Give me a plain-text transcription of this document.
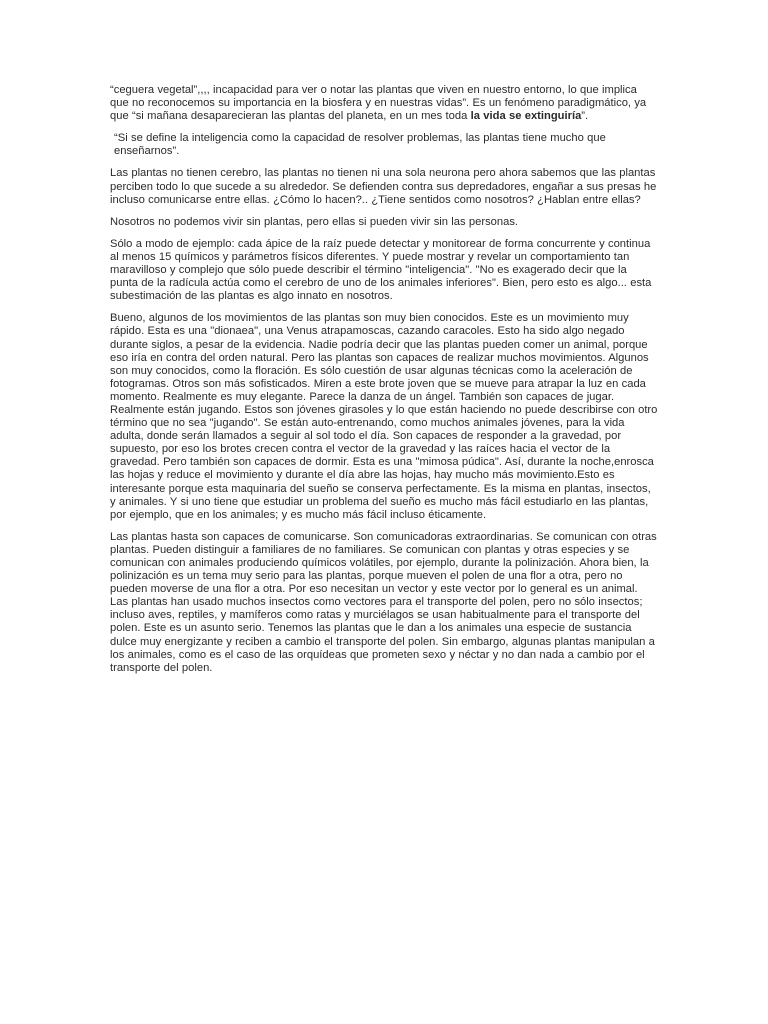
“ceguera vegetal”,,,, incapacidad para ver o notar las plantas que viven en nuestro entorno, lo que implica que no reconocemos su importancia en la biosfera y en nuestras vidas”. Es un fenómeno paradigmático, ya que “si mañana desaparecieran las plantas del planeta, en un mes toda la vida se extinguiría”.

“Si se define la inteligencia como la capacidad de resolver problemas, las plantas tiene mucho que enseñarnos”.

Las plantas no tienen cerebro, las plantas no tienen ni una sola neurona pero ahora sabemos que las plantas perciben todo lo que sucede a su alrededor. Se defienden contra sus depredadores, engañar a sus presas he incluso comunicarse entre ellas. ¿Cómo lo hacen?.. ¿Tiene sentidos como nosotros? ¿Hablan entre ellas?

Nosotros no podemos vivir sin plantas, pero ellas si pueden vivir sin las personas.

Sólo a modo de ejemplo: cada ápice de la raíz puede detectar y monitorear de forma concurrente y continua al menos 15 químicos y parámetros físicos diferentes. Y puede mostrar y revelar un comportamiento tan maravilloso y complejo que sólo puede describir el término "inteligencia". "No es exagerado decir que la punta de la radícula actúa como el cerebro de uno de los animales inferiores". Bien, pero esto es algo... esta subestimación de las plantas es algo innato en nosotros.

Bueno, algunos de los movimientos de las plantas son muy bien conocidos. Este es un movimiento muy rápido. Esta es una "dionaea", una Venus atrapamoscas, cazando caracoles. Esto ha sido algo negado durante siglos, a pesar de la evidencia. Nadie podría decir que las plantas pueden comer un animal, porque eso iría en contra del orden natural. Pero las plantas son capaces de realizar muchos movimientos. Algunos son muy conocidos, como la floración. Es sólo cuestión de usar algunas técnicas como la aceleración de fotogramas. Otros son más sofisticados. Miren a este brote joven que se mueve para atrapar la luz en cada momento. Realmente es muy elegante. Parece la danza de un ángel. También son capaces de jugar. Realmente están jugando. Estos son jóvenes girasoles y lo que están haciendo no puede describirse con otro término que no sea "jugando". Se están auto-entrenando, como muchos animales jóvenes, para la vida adulta, donde serán llamados a seguir al sol todo el día. Son capaces de responder a la gravedad, por supuesto, por eso los brotes crecen contra el vector de la gravedad y las raíces hacia el vector de la gravedad. Pero también son capaces de dormir. Esta es una "mimosa púdica". Así, durante la noche,enrosca las hojas y reduce el movimiento y durante el día abre las hojas, hay mucho más movimiento.Esto es interesante porque esta maquinaria del sueño se conserva perfectamente. Es la misma en plantas, insectos, y animales. Y si uno tiene que estudiar un problema del sueño es mucho más fácil estudiarlo en las plantas, por ejemplo, que en los animales; y es mucho más fácil incluso éticamente.

Las plantas hasta son capaces de comunicarse. Son comunicadoras extraordinarias. Se comunican con otras plantas. Pueden distinguir a familiares de no familiares. Se comunican con plantas y otras especies y se comunican con animales produciendo químicos volátiles, por ejemplo, durante la polinización. Ahora bien, la polinización es un tema muy serio para las plantas, porque mueven el polen de una flor a otra, pero no pueden moverse de una flor a otra. Por eso necesitan un vector y este vector por lo general es un animal. Las plantas han usado muchos insectos como vectores para el transporte del polen, pero no sólo insectos; incluso aves, reptiles, y mamíferos como ratas y murciélagos se usan habitualmente para el transporte del polen. Este es un asunto serio. Tenemos las plantas que le dan a los animales una especie de sustancia dulce muy energizante y reciben a cambio el transporte del polen. Sin embargo, algunas plantas manipulan a los animales, como es el caso de las orquídeas que prometen sexo y néctar y no dan nada a cambio por el transporte del polen.
